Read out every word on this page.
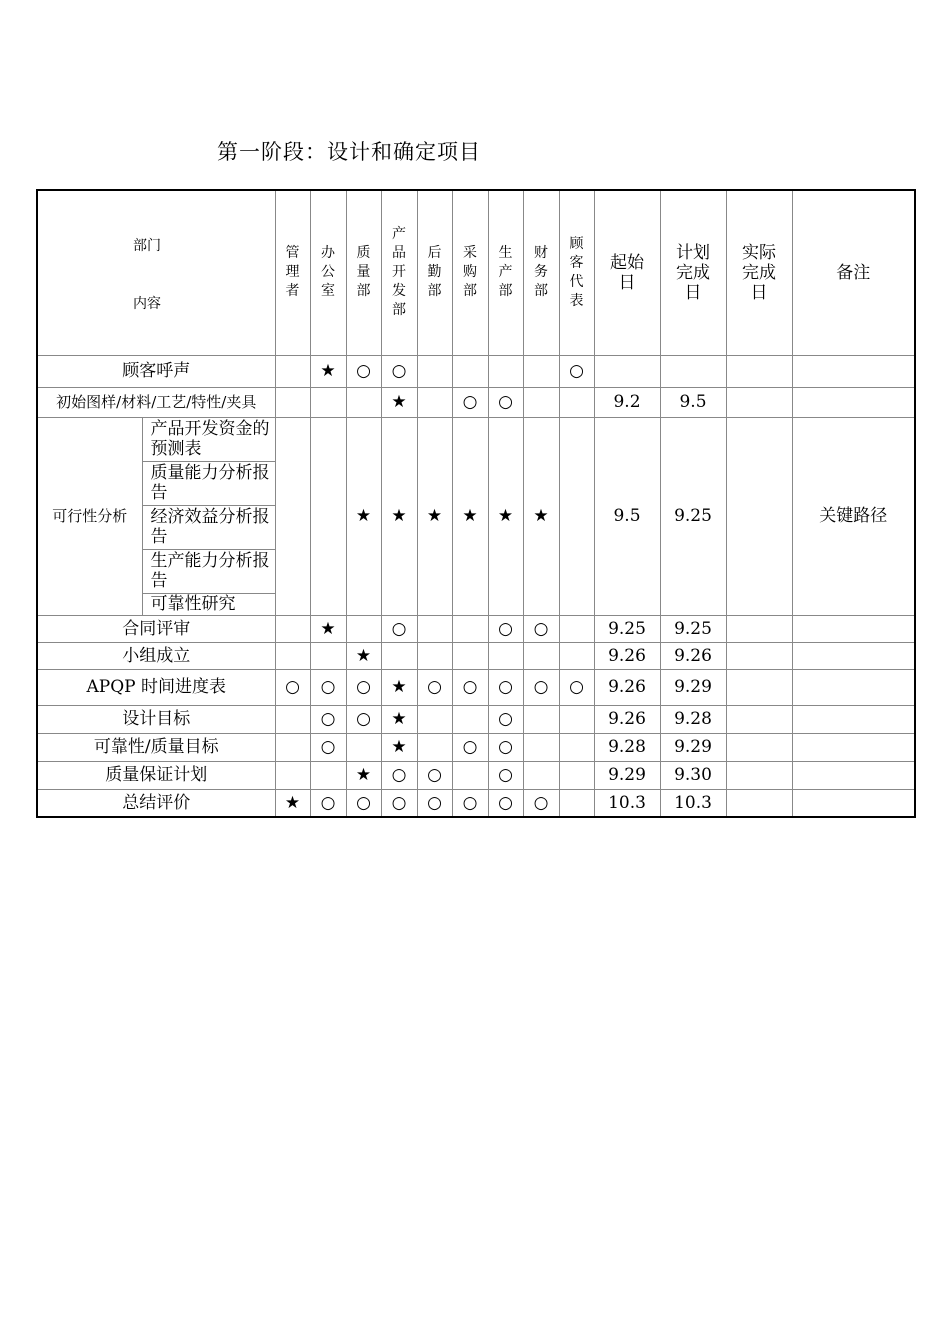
第一阶段：设计和确定项目
部门
内容		管理者	办公室	质量部	产品开发部	后勤部	采购部	生产部	财务部	顾客代表	起始日	计划完成日	实际完成日	备注
顾客呼声			★	○	○					○				
初始图样/材料/工艺/特性/夹具					★		○	○			9.2	9.5		
可行性分析	产品开发资金的预测表			★	★	★	★	★	★		9.5	9.25		关键路径
	质量能力分析报告													
	经济效益分析报告													
	生产能力分析报告													
	可靠性研究													
合同评审			★		○			○	○		9.25	9.25		
小组成立				★							9.26	9.26		
APQP 时间进度表		○	○	○	★	○	○	○	○	○	9.26	9.29		
设计目标			○	○	★			○			9.26	9.28		
可靠性/质量目标			○		★		○	○			9.28	9.29		
质量保证计划				★	○	○		○			9.29	9.30		
总结评价		★	○	○	○	○	○	○	○		10.3	10.3		
